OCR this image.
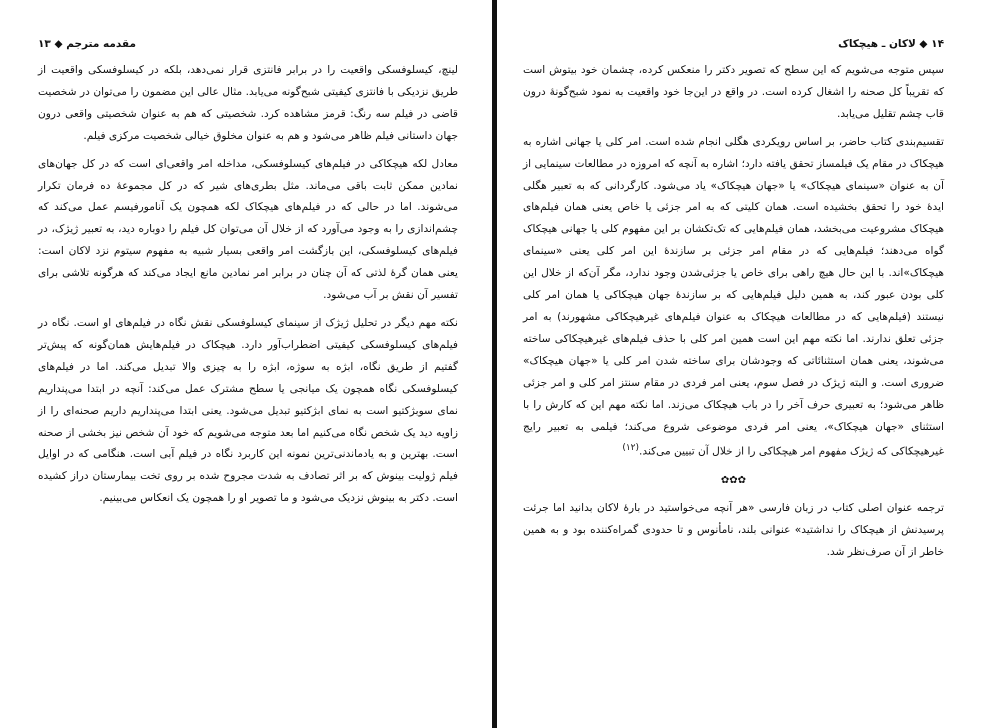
مقدمه مترجم ◆ ۱۳

لینچ، کیسلوفسکی واقعیت را در برابر فانتزی قرار نمی‌دهد، بلکه در کیسلوفسکی واقعیت از طریق نزدیکی با فانتزی کیفیتی شبح‌گونه می‌یابد. مثال عالی این مضمون را می‌توان در شخصیت قاضی در فیلم سه رنگ: قرمز مشاهده کرد. شخصیتی که هم به عنوان شخصیتی واقعی درون جهان داستانی فیلم ظاهر می‌شود و هم به عنوان مخلوق خیالی شخصیت مرکزی فیلم.

معادل لکه هیچکاکی در فیلم‌های کیسلوفسکی، مداخله امر واقعی‌ای است که در کل جهان‌های نمادین ممکن ثابت باقی می‌ماند. مثل بطری‌های شیر که در کل مجموعهٔ ده فرمان تکرار می‌شوند. اما در حالی که در فیلم‌های هیچکاک لکه همچون یک آنامورفیسم عمل می‌کند که چشم‌اندازی را به وجود می‌آورد که از خلال آن می‌توان کل فیلم را دوباره دید، به تعبیر ژیژک، در فیلم‌های کیسلوفسکی، این بازگشت امر واقعی بسیار شبیه به مفهوم سیتوم نزد لاکان است: یعنی همان گرهٔ لذتی که آن چنان در برابر امر نمادین مانع ایجاد می‌کند که هرگونه تلاشی برای تفسیر آن نقش بر آب می‌شود.

نکته مهم دیگر در تحلیل ژیژک از سینمای کیسلوفسکی نقش نگاه در فیلم‌های او است. نگاه در فیلم‌های کیسلوفسکی کیفیتی اضطراب‌آور دارد. هیچکاک در فیلم‌هایش همان‌گونه که پیش‌تر گفتیم از طریق نگاه، ابژه به سوژه، ابژه را به چیزی والا تبدیل می‌کند. اما در فیلم‌های کیسلوفسکی نگاه همچون یک میانجی یا سطح مشترک عمل می‌کند: آنچه در ابتدا می‌پنداریم نمای سوبژکتیو است به نمای ابژکتیو تبدیل می‌شود. یعنی ابتدا می‌پنداریم داریم صحنه‌ای را از زاویه دید یک شخص نگاه می‌کنیم اما بعد متوجه می‌شویم که خود آن شخص نیز بخشی از صحنه است. بهترین و به یادماندنی‌ترین نمونه این کاربرد نگاه در فیلم آبی است. هنگامی که در اوایل فیلم ژولیت بینوش که بر اثر تصادف به شدت مجروح شده بر روی تخت بیمارستان دراز کشیده است. دکتر به بینوش نزدیک می‌شود و ما تصویر او را همچون یک انعکاس می‌بینیم.

۱۴ ◆ لاکان ـ هیچکاک

سپس متوجه می‌شویم که این سطح که تصویر دکتر را منعکس کرده، چشمان خود بیتوش است که تقریباً کل صحنه را اشغال کرده است. در واقع در این‌جا خود واقعیت به نمود شبح‌گونهٔ درون قاب چشم تقلیل می‌یابد.

تقسیم‌بندی کتاب حاضر، بر اساس رویکردی هگلی انجام شده است. امر کلی یا جهانی اشاره به هیچکاک در مقام یک فیلمساز تحقق یافته دارد؛ اشاره به آنچه که امروزه در مطالعات سینمایی از آن به عنوان «سینمای هیچکاک» یا «جهان هیچکاک» یاد می‌شود. کارگردانی که به تعبیر هگلی ایدهٔ خود را تحقق بخشیده است. همان کلیتی که به امر جزئی یا خاص یعنی همان فیلم‌های هیچکاک مشروعیت می‌بخشد، همان فیلم‌هایی که تک‌تکشان بر این مفهوم کلی یا جهانی هیچکاک گواه می‌دهند؛ فیلم‌هایی که در مقام امر جزئی بر سازندهٔ این امر کلی یعنی «سینمای هیچکاک»اند. با این حال هیچ راهی برای خاص یا جزئی‌شدن وجود ندارد، مگر آن‌که از خلال این کلی بودن عبور کند، به همین دلیل فیلم‌هایی که بر سازندهٔ جهان هیچکاکی یا همان امر کلی نیستند (فیلم‌هایی که در مطالعات هیچکاک به عنوان فیلم‌های غیرهیچکاکی مشهورند) به امر جزئی تعلق ندارند. اما نکته مهم این است همین امر کلی با حذف فیلم‌های غیرهیچکاکی ساخته می‌شوند، یعنی همان استثنائاتی که وجودشان برای ساخته شدن امر کلی یا «جهان هیچکاک» ضروری است. و البته ژیژک در فصل سوم، یعنی امر فردی در مقام سنتز امر کلی و امر جزئی ظاهر می‌شود؛ به تعبیری حرف آخر را در باب هیچکاک می‌زند. اما نکته مهم این که کارش را با استثنای «جهان هیچکاک»، یعنی امر فردی موضوعی شروع می‌کند؛ فیلمی به تعبیر رایج غیرهیچکاکی که ژیژک مفهوم امر هیچکاکی را از خلال آن تبیین می‌کند.$^{(۱۲)}$

✿✿✿

ترجمه عنوان اصلی کتاب در زبان فارسی «هر آنچه می‌خواستید در بارهٔ لاکان بدانید اما جرئت پرسیدنش از هیچکاک را نداشتید» عنوانی بلند، نامأنوس و تا حدودی گمراه‌کننده بود و به همین خاطر از آن صرف‌نظر شد.
